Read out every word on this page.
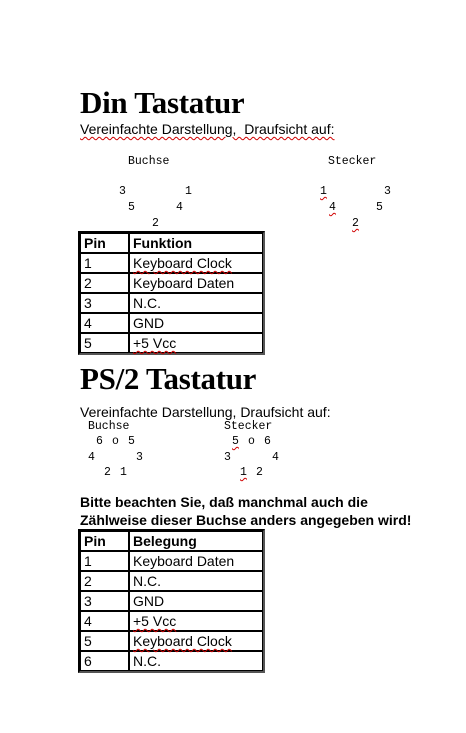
Din Tastatur
Vereinfachte Darstellung,  Draufsicht auf:
Buchse	Stecker
3	1
5	4
2
1	3
4	5
2
Pin	Funktion
1	Keyboard Clock
2	Keyboard Daten
3	N.C.
4	GND
5	+5 Vcc
PS/2 Tastatur
Vereinfachte Darstellung, Draufsicht auf:
Buchse	Stecker
6 o 5
4	3
2 1
5 o 6
3	4
1 2
Bitte beachten Sie, daß manchmal auch die
Zählweise dieser Buchse anders angegeben wird!
Pin	Belegung
1	Keyboard Daten
2	N.C.
3	GND
4	+5 Vcc
5	Keyboard Clock
6	N.C.
